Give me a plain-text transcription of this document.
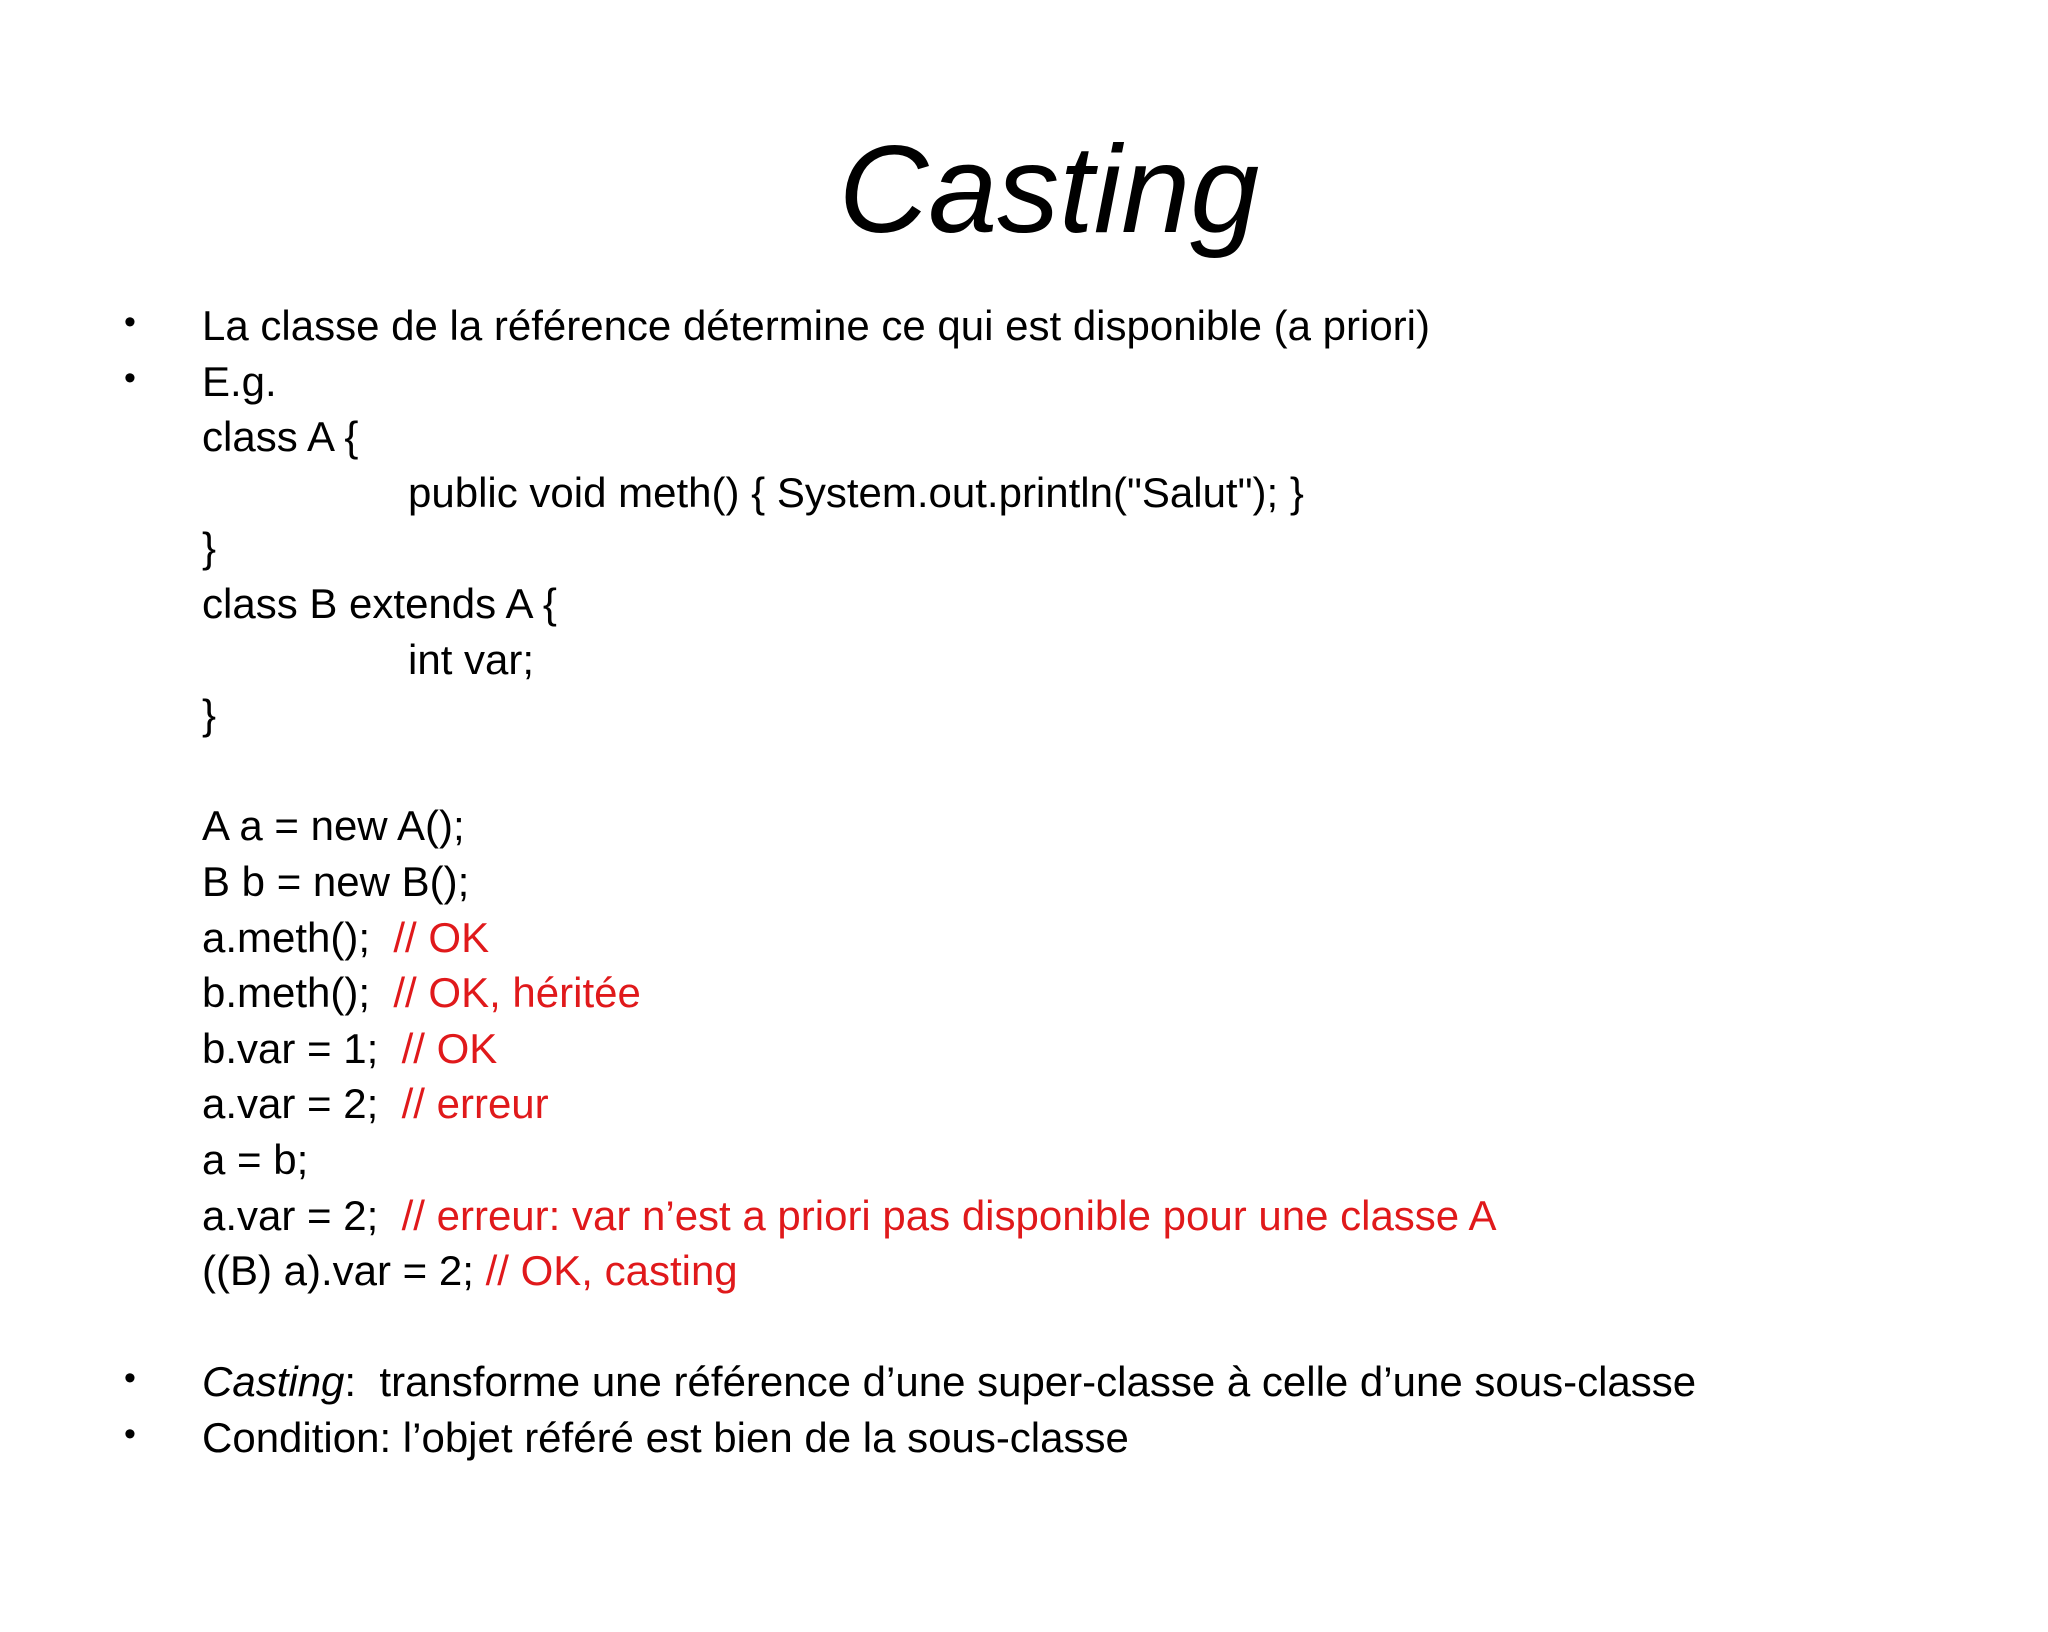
Casting

•

La classe de la référence détermine ce qui est disponible (a priori)

•

E.g.

class A {

public void meth() { System.out.println("Salut"); }

}

class B extends A {

int var;

}

A a = new A();

B b = new B();

a.meth();  // OK

b.meth();  // OK, héritée

b.var = 1;  // OK

a.var = 2;  // erreur

a = b;

a.var = 2;  // erreur: var n’est a priori pas disponible pour une classe A

((B) a).var = 2; // OK, casting

•

Casting:  transforme une référence d’une super-classe à celle d’une sous-classe

•

Condition: l’objet référé est bien de la sous-classe
